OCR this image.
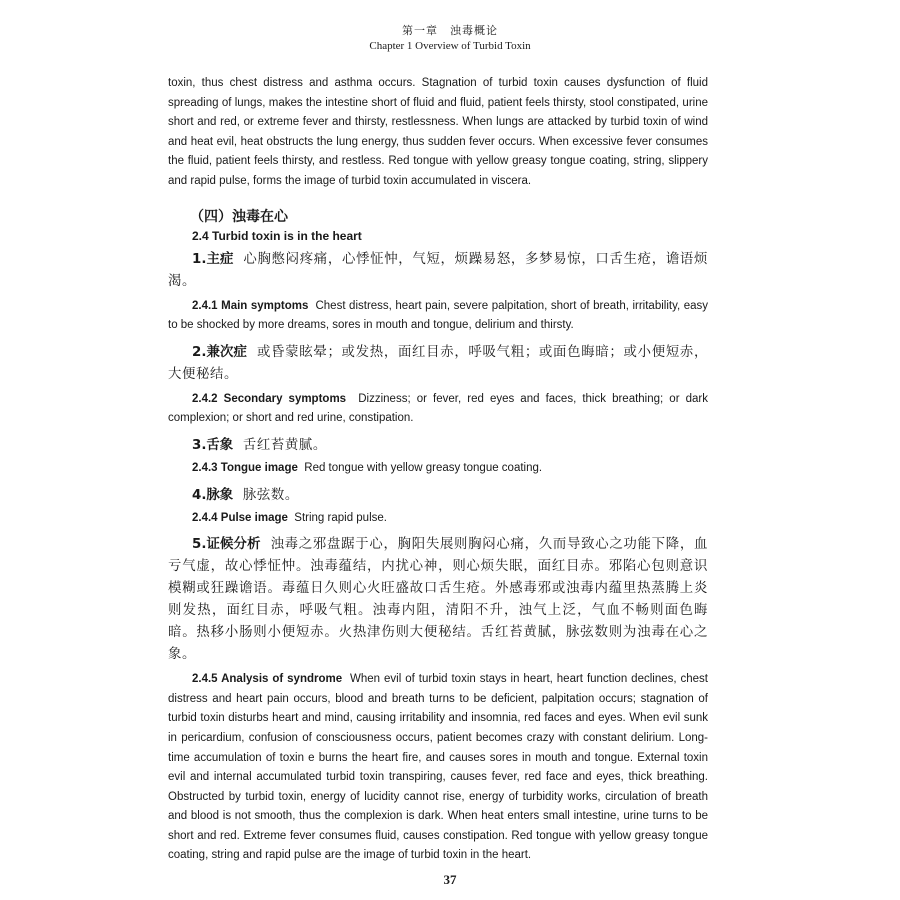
第一章　浊毒概论
Chapter 1 Overview of Turbid Toxin

toxin, thus chest distress and asthma occurs. Stagnation of turbid toxin causes dysfunction of fluid spreading of lungs, makes the intestine short of fluid and fluid, patient feels thirsty, stool constipated, urine short and red, or extreme fever and thirsty, restlessness. When lungs are attacked by turbid toxin of wind and heat evil, heat obstructs the lung energy, thus sudden fever occurs. When excessive fever consumes the fluid, patient feels thirsty, and restless. Red tongue with yellow greasy tongue coating, string, slippery and rapid pulse, forms the image of turbid toxin accumulated in viscera.

（四）浊毒在心

2.4 Turbid toxin is in the heart

1.主症 心胸憋闷疼痛，心悸怔忡，气短，烦躁易怒，多梦易惊，口舌生疮，谵语烦渴。

2.4.1 Main symptoms Chest distress, heart pain, severe palpitation, short of breath, irritability, easy to be shocked by more dreams, sores in mouth and tongue, delirium and thirsty.

2.兼次症 或昏蒙眩晕；或发热，面红目赤，呼吸气粗；或面色晦暗；或小便短赤，大便秘结。

2.4.2 Secondary symptoms Dizziness; or fever, red eyes and faces, thick breathing; or dark complexion; or short and red urine, constipation.

3.舌象 舌红苔黄腻。

2.4.3 Tongue image Red tongue with yellow greasy tongue coating.

4.脉象 脉弦数。

2.4.4 Pulse image String rapid pulse.

5.证候分析 浊毒之邪盘踞于心，胸阳失展则胸闷心痛，久而导致心之功能下降，血亏气虚，故心悸怔忡。浊毒蕴结，内扰心神，则心烦失眠，面红目赤。邪陷心包则意识模糊或狂躁谵语。毒蕴日久则心火旺盛故口舌生疮。外感毒邪或浊毒内蕴里热蒸腾上炎则发热，面红目赤，呼吸气粗。浊毒内阻，清阳不升，浊气上泛，气血不畅则面色晦暗。热移小肠则小便短赤。火热津伤则大便秘结。舌红苔黄腻，脉弦数则为浊毒在心之象。

2.4.5 Analysis of syndrome When evil of turbid toxin stays in heart, heart function declines, chest distress and heart pain occurs, blood and breath turns to be deficient, palpitation occurs; stagnation of turbid toxin disturbs heart and mind, causing irritability and insomnia, red faces and eyes. When evil sunk in pericardium, confusion of consciousness occurs, patient becomes crazy with constant delirium. Long-time accumulation of toxin e burns the heart fire, and causes sores in mouth and tongue. External toxin evil and internal accumulated turbid toxin transpiring, causes fever, red face and eyes, thick breathing. Obstructed by turbid toxin, energy of lucidity cannot rise, energy of turbidity works, circulation of breath and blood is not smooth, thus the complexion is dark. When heat enters small intestine, urine turns to be short and red. Extreme fever consumes fluid, causes constipation. Red tongue with yellow greasy tongue coating, string and rapid pulse are the image of turbid toxin in the heart.

37
